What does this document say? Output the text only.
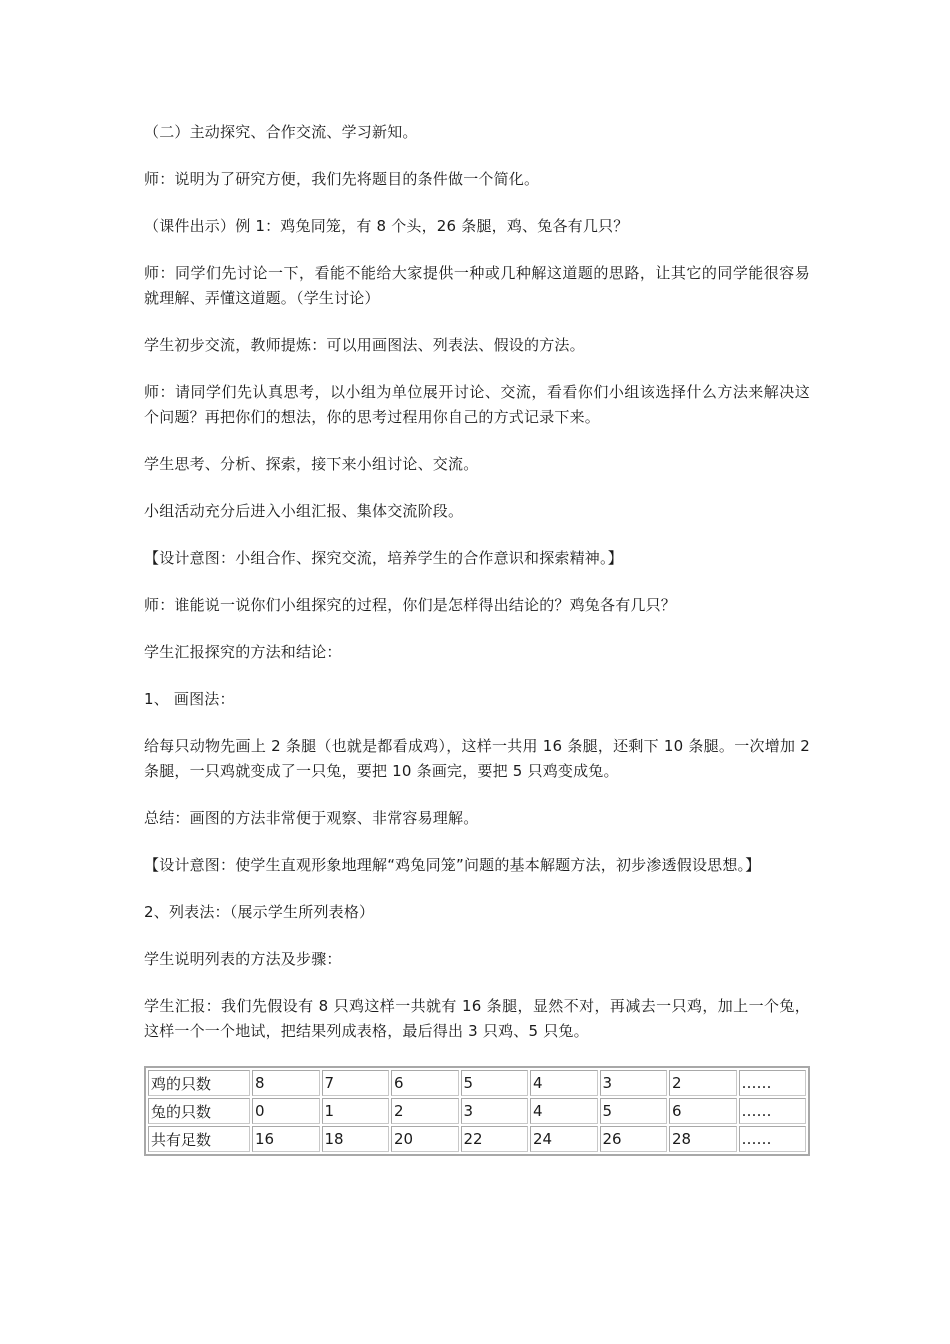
（二）主动探究、合作交流、学习新知。

师：说明为了研究方便，我们先将题目的条件做一个简化。

（课件出示）例 1：鸡兔同笼，有 8 个头，26 条腿，鸡、兔各有几只？

师：同学们先讨论一下，看能不能给大家提供一种或几种解这道题的思路，让其它的同学能很容易就理解、弄懂这道题。（学生讨论）

学生初步交流，教师提炼：可以用画图法、列表法、假设的方法。

师：请同学们先认真思考，以小组为单位展开讨论、交流，看看你们小组该选择什么方法来解决这个问题？再把你们的想法，你的思考过程用你自己的方式记录下来。

学生思考、分析、探索，接下来小组讨论、交流。

小组活动充分后进入小组汇报、集体交流阶段。

【设计意图：小组合作、探究交流，培养学生的合作意识和探索精神。】

师：谁能说一说你们小组探究的过程，你们是怎样得出结论的？鸡兔各有几只？

学生汇报探究的方法和结论：

1、 画图法：

给每只动物先画上 2 条腿（也就是都看成鸡），这样一共用 16 条腿，还剩下 10 条腿。一次增加 2 条腿，一只鸡就变成了一只兔，要把 10 条画完，要把 5 只鸡变成兔。

总结：画图的方法非常便于观察、非常容易理解。

【设计意图：使学生直观形象地理解“鸡兔同笼”问题的基本解题方法，初步渗透假设思想。】

2、列表法：（展示学生所列表格）

学生说明列表的方法及步骤：

学生汇报：我们先假设有 8 只鸡这样一共就有 16 条腿，显然不对，再减去一只鸡，加上一个兔，这样一个一个地试，把结果列成表格，最后得出 3 只鸡、5 只兔。

鸡的只数	8	7	6	5	4	3	2	……
兔的只数	0	1	2	3	4	5	6	……
共有足数	16	18	20	22	24	26	28	……
